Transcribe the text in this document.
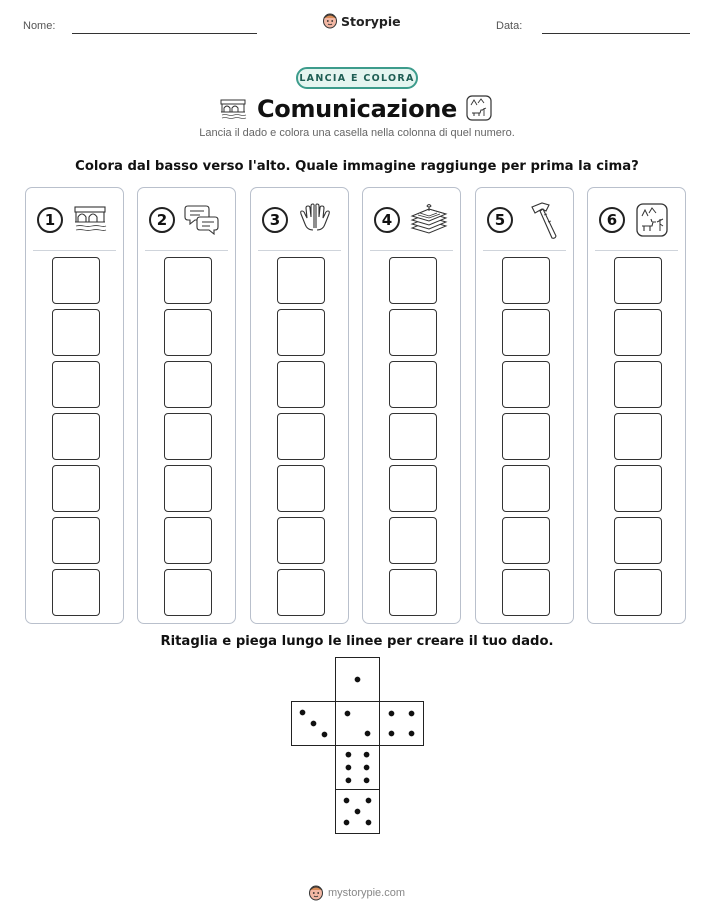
Nome:	Storypie	Data:
LANCIA E COLORA
Comunicazione
Lancia il dado e colora una casella nella colonna di quel numero.
Colora dal basso verso l'alto. Quale immagine raggiunge per prima la cima?
1	2	3	4	5	6
Ritaglia e piega lungo le linee per creare il tuo dado.
mystorypie.com
